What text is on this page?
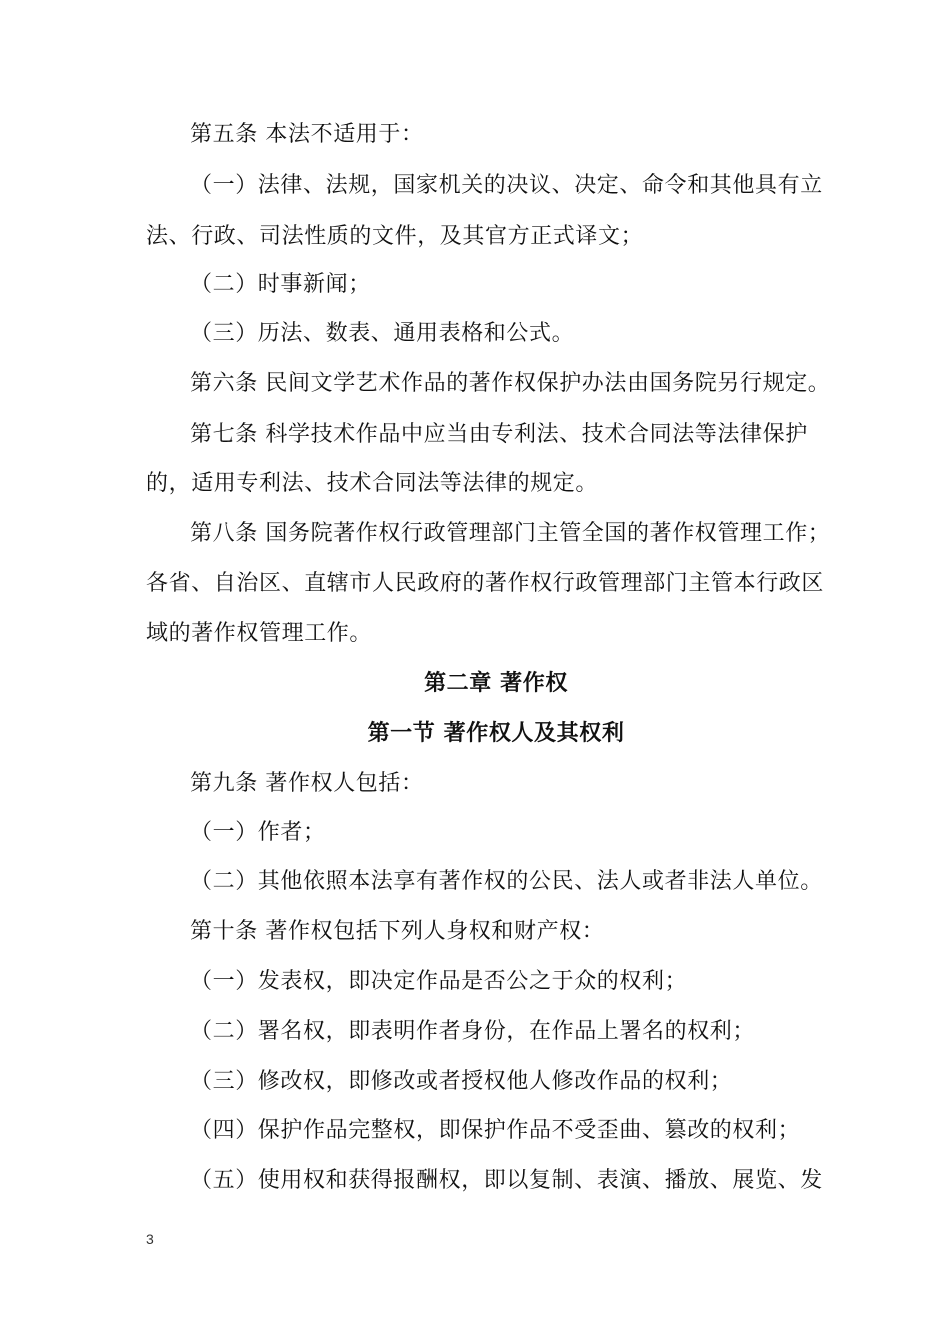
第五条 本法不适用于：
（一）法律、法规，国家机关的决议、决定、命令和其他具有立
法、行政、司法性质的文件，及其官方正式译文；
（二）时事新闻；
（三）历法、数表、通用表格和公式。
第六条 民间文学艺术作品的著作权保护办法由国务院另行规定。
第七条 科学技术作品中应当由专利法、技术合同法等法律保护
的，适用专利法、技术合同法等法律的规定。
第八条 国务院著作权行政管理部门主管全国的著作权管理工作；
各省、自治区、直辖市人民政府的著作权行政管理部门主管本行政区
域的著作权管理工作。
第二章 著作权
第一节 著作权人及其权利
第九条 著作权人包括：
（一）作者；
（二）其他依照本法享有著作权的公民、法人或者非法人单位。
第十条 著作权包括下列人身权和财产权：
（一）发表权，即决定作品是否公之于众的权利；
（二）署名权，即表明作者身份，在作品上署名的权利；
（三）修改权，即修改或者授权他人修改作品的权利；
（四）保护作品完整权，即保护作品不受歪曲、篡改的权利；
（五）使用权和获得报酬权，即以复制、表演、播放、展览、发
3
